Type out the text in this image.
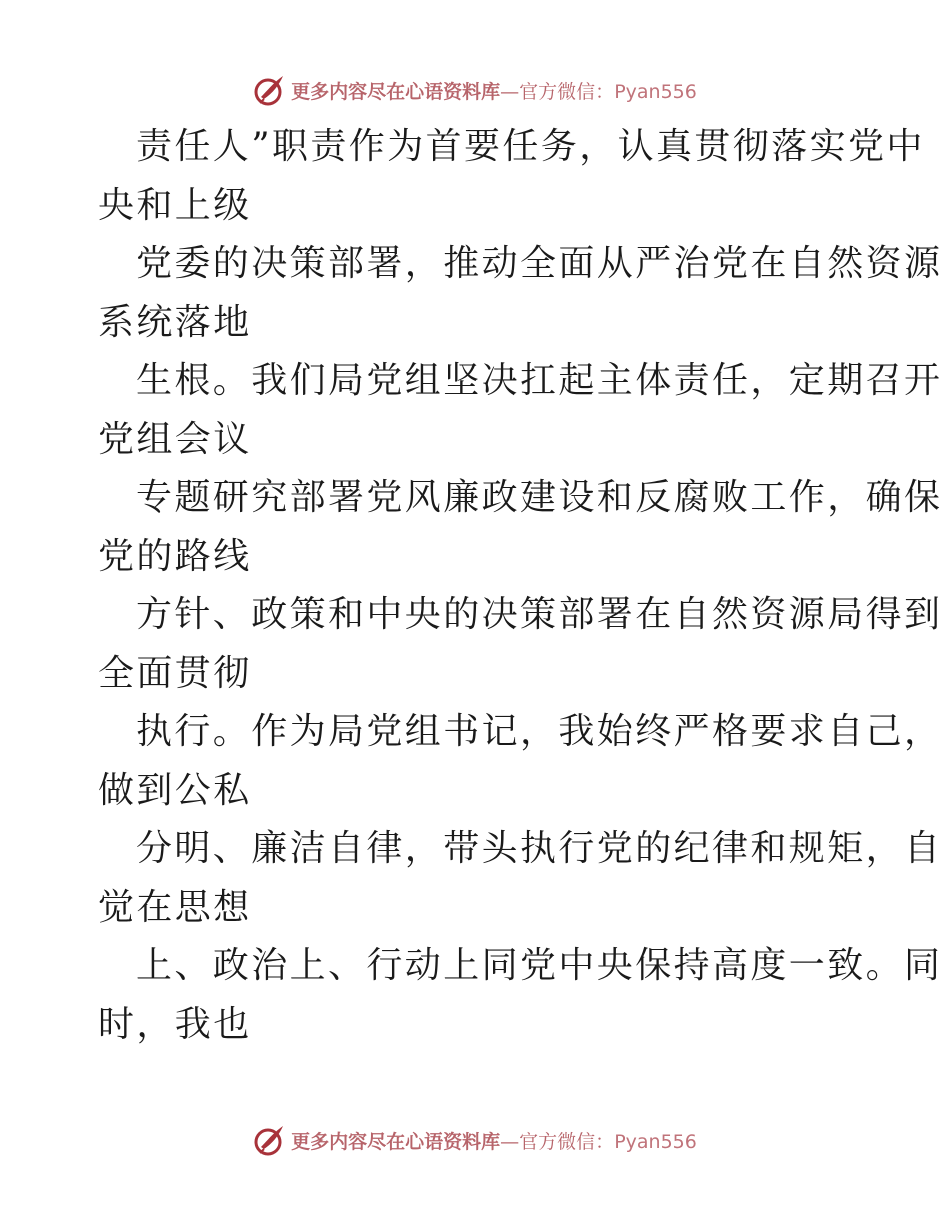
更多内容尽在心语资料库—官方微信：Pyan556
责任人”职责作为首要任务，认真贯彻落实党中
央和上级
党委的决策部署，推动全面从严治党在自然资源
系统落地
生根。我们局党组坚决扛起主体责任，定期召开
党组会议
专题研究部署党风廉政建设和反腐败工作，确保
党的路线
方针、政策和中央的决策部署在自然资源局得到
全面贯彻
执行。作为局党组书记，我始终严格要求自己，
做到公私
分明、廉洁自律，带头执行党的纪律和规矩，自
觉在思想
上、政治上、行动上同党中央保持高度一致。同
时，我也
更多内容尽在心语资料库—官方微信：Pyan556
